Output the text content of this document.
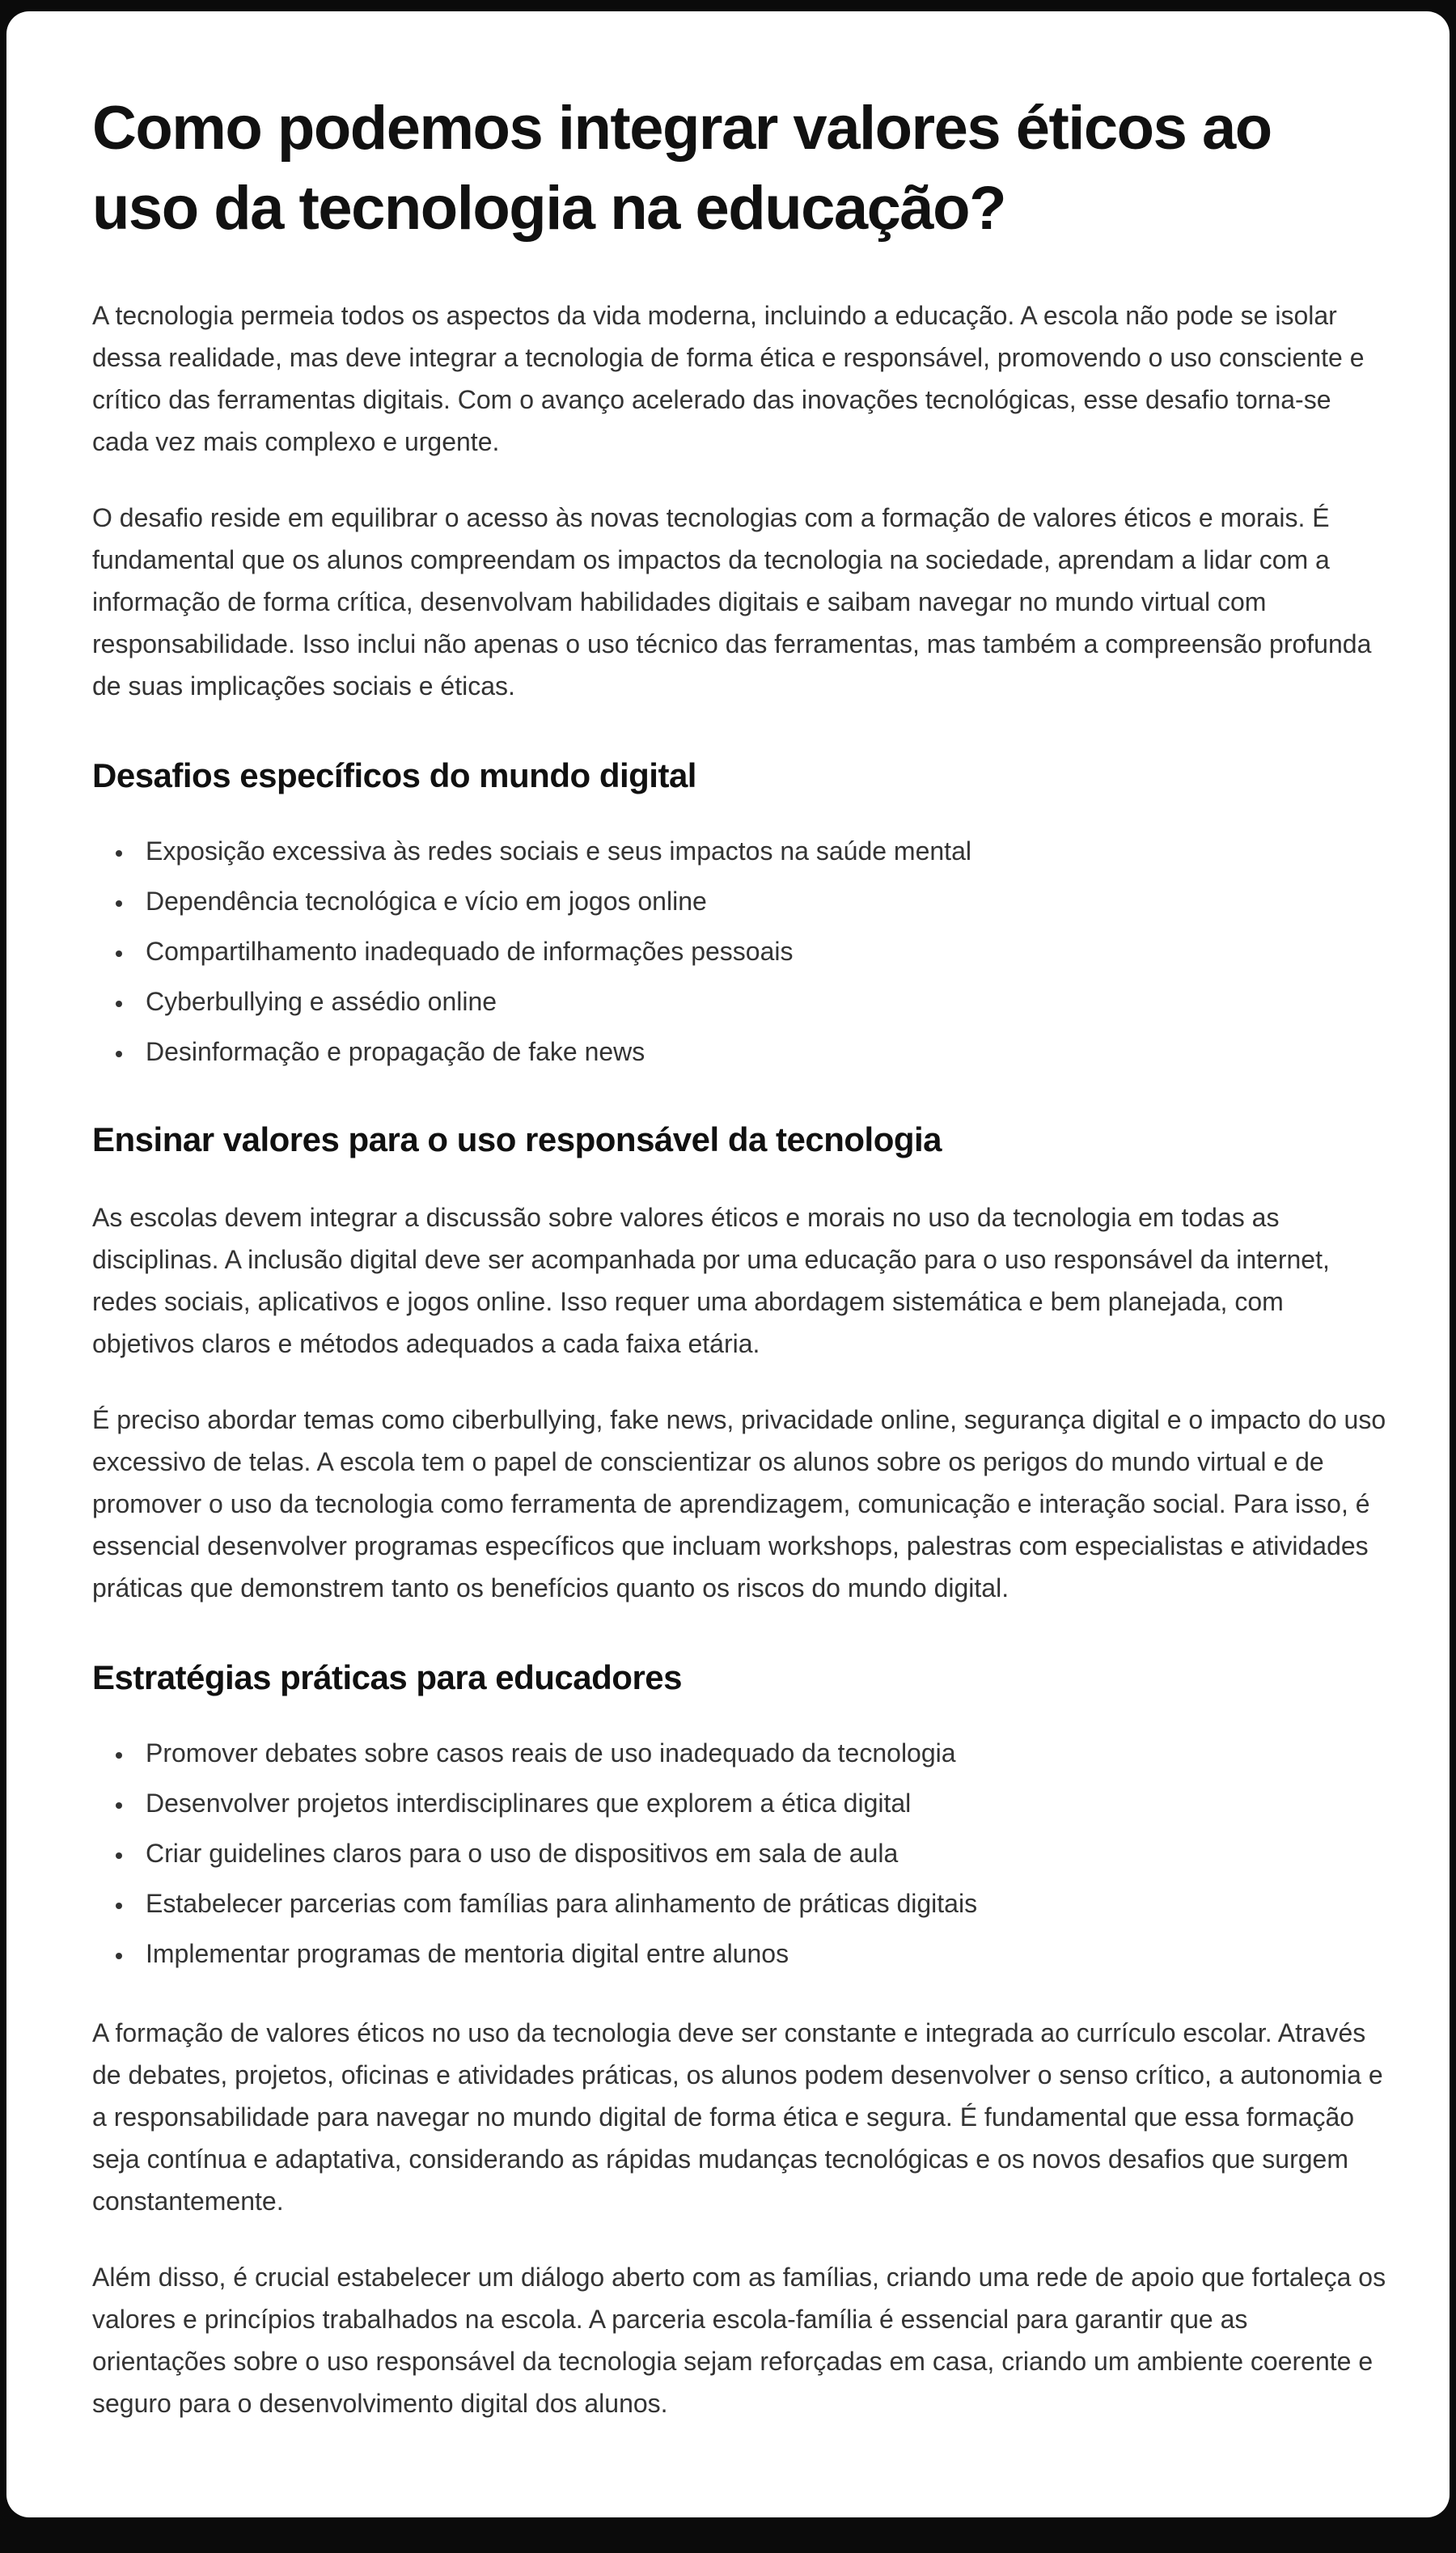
Como podemos integrar valores éticos ao uso da tecnologia na educação?

A tecnologia permeia todos os aspectos da vida moderna, incluindo a educação. A escola não pode se isolar dessa realidade, mas deve integrar a tecnologia de forma ética e responsável, promovendo o uso consciente e crítico das ferramentas digitais. Com o avanço acelerado das inovações tecnológicas, esse desafio torna-se cada vez mais complexo e urgente.

O desafio reside em equilibrar o acesso às novas tecnologias com a formação de valores éticos e morais. É fundamental que os alunos compreendam os impactos da tecnologia na sociedade, aprendam a lidar com a informação de forma crítica, desenvolvam habilidades digitais e saibam navegar no mundo virtual com responsabilidade. Isso inclui não apenas o uso técnico das ferramentas, mas também a compreensão profunda de suas implicações sociais e éticas.

Desafios específicos do mundo digital
• Exposição excessiva às redes sociais e seus impactos na saúde mental
• Dependência tecnológica e vício em jogos online
• Compartilhamento inadequado de informações pessoais
• Cyberbullying e assédio online
• Desinformação e propagação de fake news
Ensinar valores para o uso responsável da tecnologia

As escolas devem integrar a discussão sobre valores éticos e morais no uso da tecnologia em todas as disciplinas. A inclusão digital deve ser acompanhada por uma educação para o uso responsável da internet, redes sociais, aplicativos e jogos online. Isso requer uma abordagem sistemática e bem planejada, com objetivos claros e métodos adequados a cada faixa etária.

É preciso abordar temas como ciberbullying, fake news, privacidade online, segurança digital e o impacto do uso excessivo de telas. A escola tem o papel de conscientizar os alunos sobre os perigos do mundo virtual e de promover o uso da tecnologia como ferramenta de aprendizagem, comunicação e interação social. Para isso, é essencial desenvolver programas específicos que incluam workshops, palestras com especialistas e atividades práticas que demonstrem tanto os benefícios quanto os riscos do mundo digital.

Estratégias práticas para educadores
• Promover debates sobre casos reais de uso inadequado da tecnologia
• Desenvolver projetos interdisciplinares que explorem a ética digital
• Criar guidelines claros para o uso de dispositivos em sala de aula
• Estabelecer parcerias com famílias para alinhamento de práticas digitais
• Implementar programas de mentoria digital entre alunos

A formação de valores éticos no uso da tecnologia deve ser constante e integrada ao currículo escolar. Através de debates, projetos, oficinas e atividades práticas, os alunos podem desenvolver o senso crítico, a autonomia e a responsabilidade para navegar no mundo digital de forma ética e segura. É fundamental que essa formação seja contínua e adaptativa, considerando as rápidas mudanças tecnológicas e os novos desafios que surgem constantemente.

Além disso, é crucial estabelecer um diálogo aberto com as famílias, criando uma rede de apoio que fortaleça os valores e princípios trabalhados na escola. A parceria escola-família é essencial para garantir que as orientações sobre o uso responsável da tecnologia sejam reforçadas em casa, criando um ambiente coerente e seguro para o desenvolvimento digital dos alunos.
